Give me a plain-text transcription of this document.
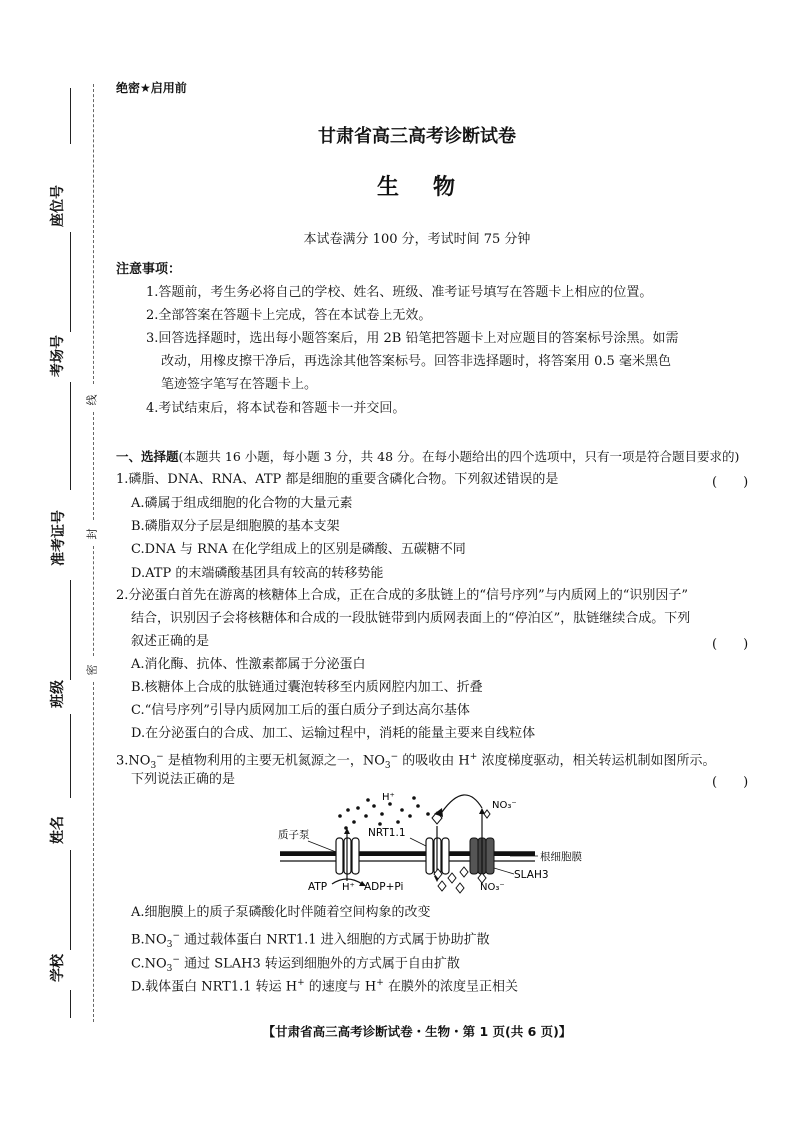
座位号
考场号
准考证号
班级
姓名
学校
线
封
密
绝密★启用前
甘肃省高三高考诊断试卷
生物
本试卷满分 100 分，考试时间 75 分钟
注意事项：
1.答题前，考生务必将自己的学校、姓名、班级、准考证号填写在答题卡上相应的位置。
2.全部答案在答题卡上完成，答在本试卷上无效。
3.回答选择题时，选出每小题答案后，用 2B 铅笔把答题卡上对应题目的答案标号涂黑。如需
改动，用橡皮擦干净后，再选涂其他答案标号。回答非选择题时，将答案用 0.5 毫米黑色
笔迹签字笔写在答题卡上。
4.考试结束后，将本试卷和答题卡一并交回。
一、选择题(本题共 16 小题，每小题 3 分，共 48 分。在每小题给出的四个选项中，只有一项是符合题目要求的)
1.磷脂、DNA、RNA、ATP 都是细胞的重要含磷化合物。下列叙述错误的是	(　　)
A.磷属于组成细胞的化合物的大量元素
B.磷脂双分子层是细胞膜的基本支架
C.DNA 与 RNA 在化学组成上的区别是磷酸、五碳糖不同
D.ATP 的末端磷酸基团具有较高的转移势能
2.分泌蛋白首先在游离的核糖体上合成，正在合成的多肽链上的“信号序列”与内质网上的“识别因子”
结合，识别因子会将核糖体和合成的一段肽链带到内质网表面上的“停泊区”，肽链继续合成。下列
叙述正确的是	(　　)
A.消化酶、抗体、性激素都属于分泌蛋白
B.核糖体上合成的肽链通过囊泡转移至内质网腔内加工、折叠
C.“信号序列”引导内质网加工后的蛋白质分子到达高尔基体
D.在分泌蛋白的合成、加工、运输过程中，消耗的能量主要来自线粒体
$3.NO_3^-$ 是植物利用的主要无机氮源之一，$NO_3^-$ 的吸收由 H+ 浓度梯度驱动，相关转运机制如图所示。
下列说法正确的是	(　　)
质子泵	NRT1.1
H⁺
NO₃⁻
根细胞膜
SLAH3
ATP H⁺ ADP+Pi	NO₃⁻
A.细胞膜上的质子泵磷酸化时伴随着空间构象的改变
$B.NO_3^-$ 通过载体蛋白 NRT1.1 进入细胞的方式属于协助扩散
$C.NO_3^-$ 通过 SLAH3 转运到细胞外的方式属于自由扩散
D.载体蛋白 NRT1.1 转运 H+ 的速度与 H+ 在膜外的浓度呈正相关
【甘肃省高三高考诊断试卷・生物・第 1 页(共 6 页)】
